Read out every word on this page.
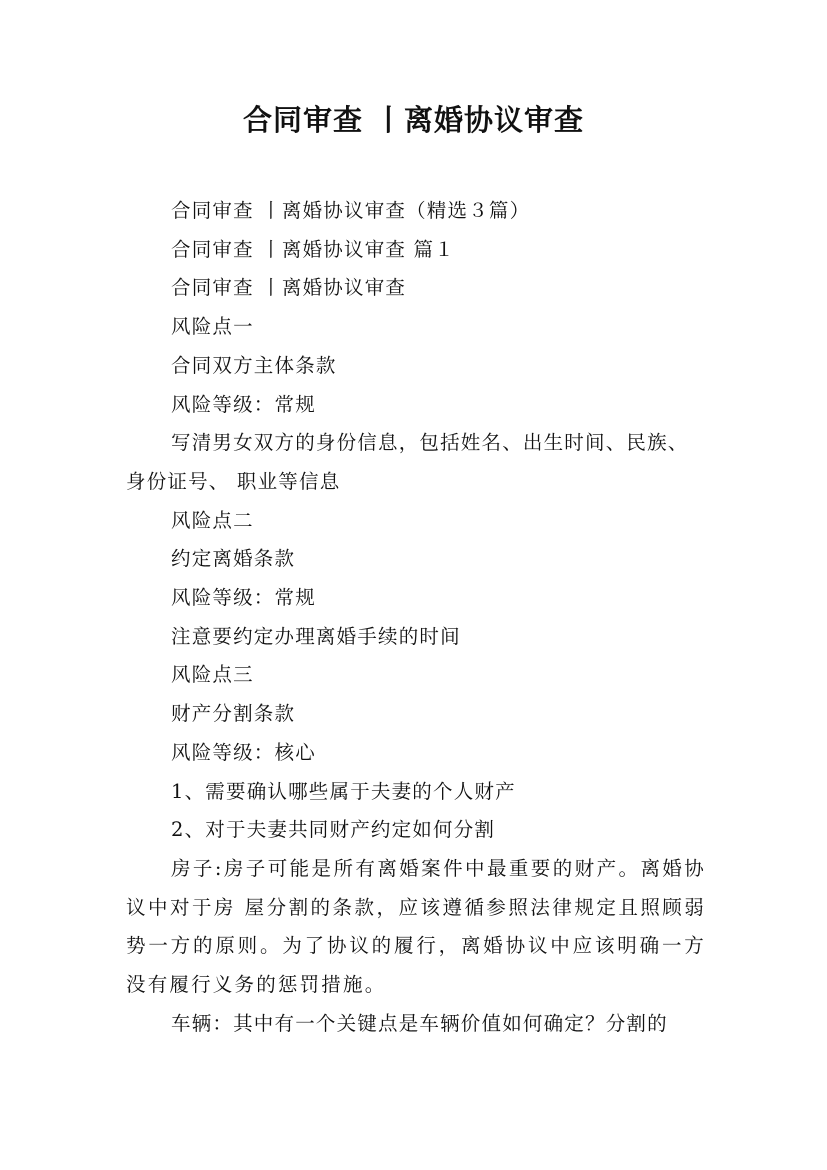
合同审查 丨离婚协议审查

合同审查 丨离婚协议审查（精选３篇）

合同审查 丨离婚协议审查 篇１

合同审查 丨离婚协议审查

风险点一

合同双方主体条款

风险等级：常规

写清男女双方的身份信息，包括姓名、出生时间、民族、身份证号、 职业等信息

风险点二

约定离婚条款

风险等级：常规

注意要约定办理离婚手续的时间

风险点三

财产分割条款

风险等级：核心

1、需要确认哪些属于夫妻的个人财产

2、对于夫妻共同财产约定如何分割

房子:房子可能是所有离婚案件中最重要的财产。离婚协议中对于房 屋分割的条款，应该遵循参照法律规定且照顾弱势一方的原则。为了协议的履行，离婚协议中应该明确一方没有履行义务的惩罚措施。

车辆：其中有一个关键点是车辆价值如何确定？分割的
